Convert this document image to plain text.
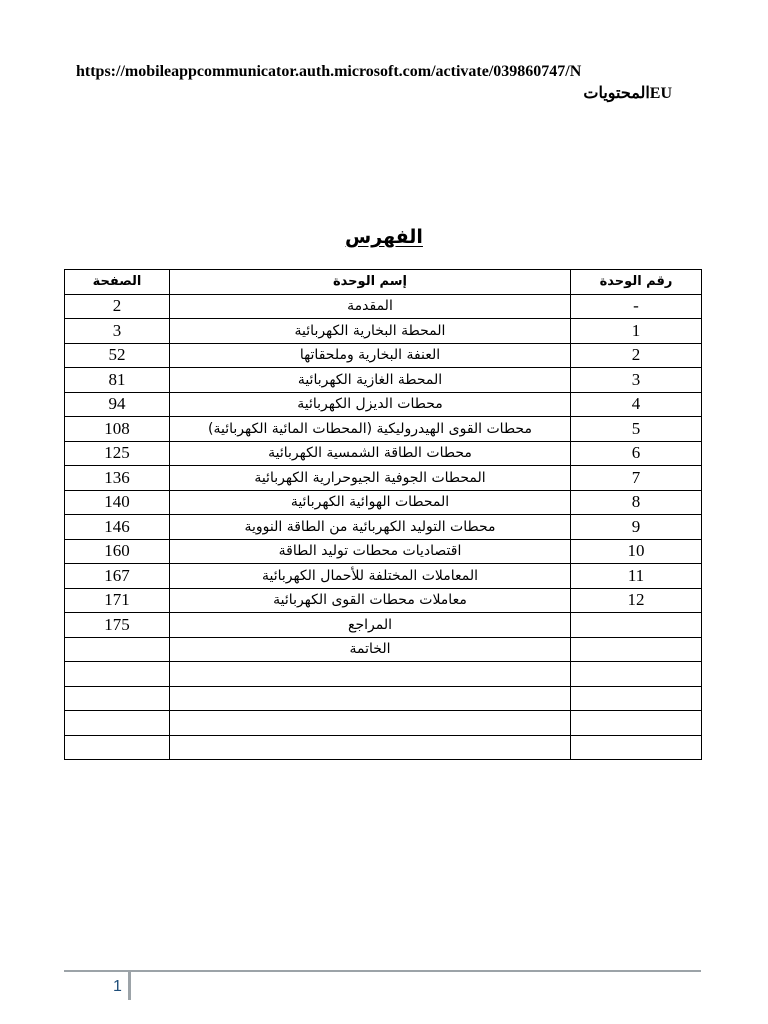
https://mobileappcommunicator.auth.microsoft.com/activate/039860747/N
EUالمحتويات
الفهرس
رقم الوحدة	إسم الوحدة	الصفحة
-	المقدمة	2
1	المحطة البخارية الكهربائية	3
2	العنفة البخارية وملحقاتها	52
3	المحطة الغازية الكهربائية	81
4	محطات الديزل الكهربائية	94
5	محطات القوى الهيدروليكية (المحطات المائية الكهربائية)	108
6	محطات الطاقة الشمسية الكهربائية	125
7	المحطات الجوفية الجيوحرارية الكهربائية	136
8	المحطات الهوائية الكهربائية	140
9	محطات التوليد الكهربائية من الطاقة النووية	146
10	اقتصاديات محطات توليد الطاقة	160
11	المعاملات المختلفة للأحمال الكهربائية	167
12	معاملات محطات القوى الكهربائية	171
	المراجع	175
	الخاتمة	

1
